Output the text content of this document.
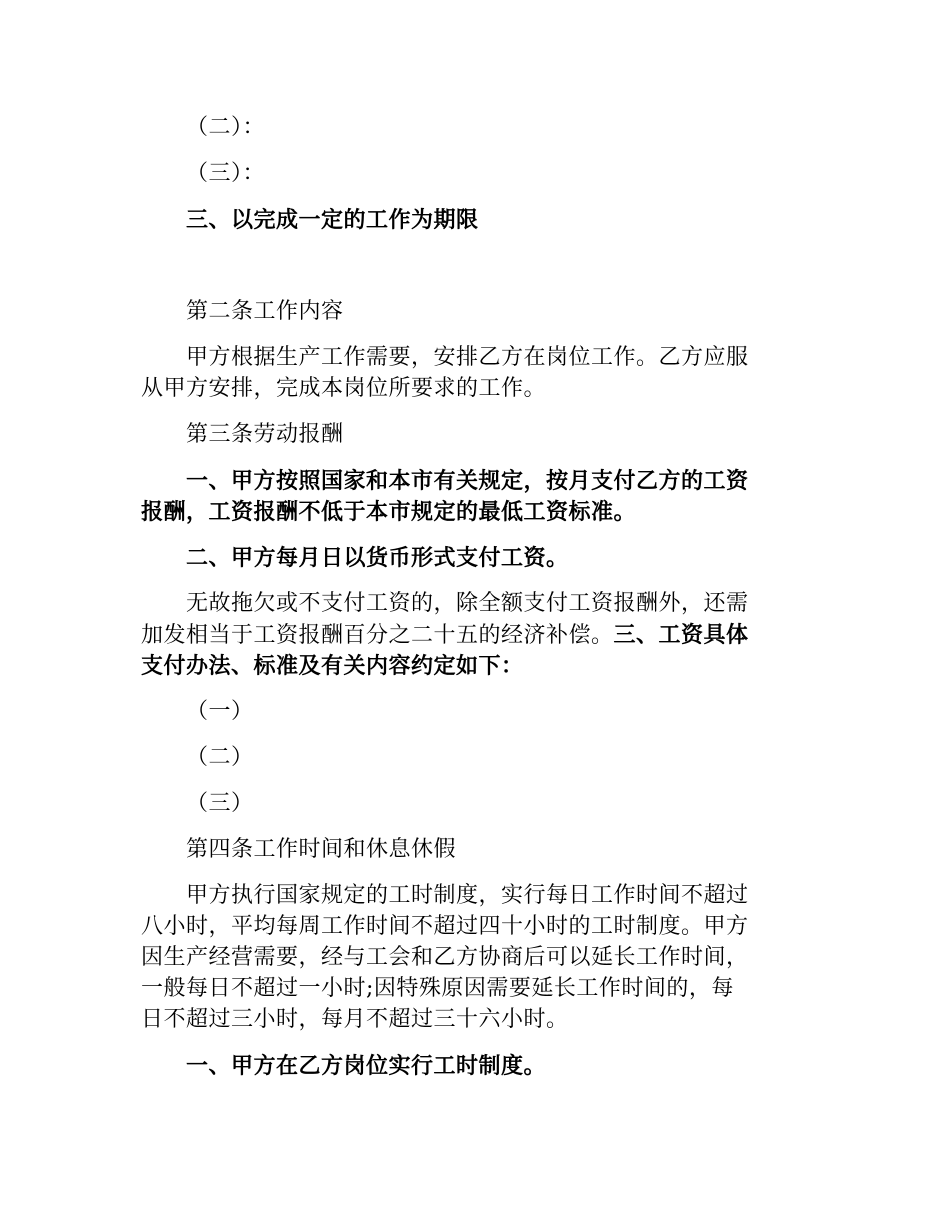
（二）：
（三）：
三、以完成一定的工作为期限
第二条工作内容
甲方根据生产工作需要，安排乙方在岗位工作。乙方应服
从甲方安排，完成本岗位所要求的工作。
第三条劳动报酬
一、甲方按照国家和本市有关规定，按月支付乙方的工资
报酬，工资报酬不低于本市规定的最低工资标准。
二、甲方每月日以货币形式支付工资。
无故拖欠或不支付工资的，除全额支付工资报酬外，还需
加发相当于工资报酬百分之二十五的经济补偿。三、工资具体
支付办法、标准及有关内容约定如下：
（一）
（二）
（三）
第四条工作时间和休息休假
甲方执行国家规定的工时制度，实行每日工作时间不超过
八小时，平均每周工作时间不超过四十小时的工时制度。甲方
因生产经营需要，经与工会和乙方协商后可以延长工作时间，
一般每日不超过一小时;因特殊原因需要延长工作时间的，每
日不超过三小时，每月不超过三十六小时。
一、甲方在乙方岗位实行工时制度。
